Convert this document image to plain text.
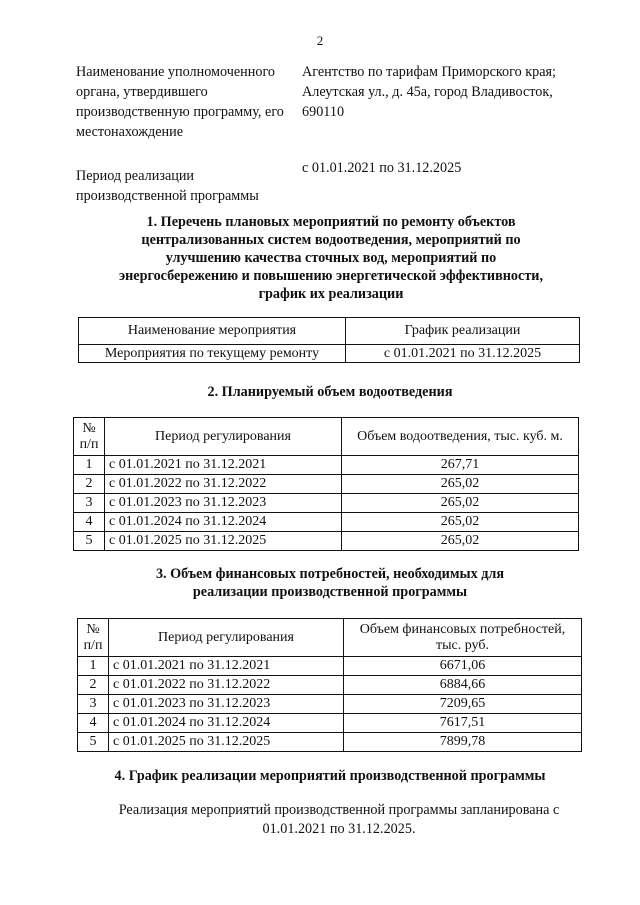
2
Наименование уполномоченного органа, утвердившего производственную программу, его местонахождение
Агентство по тарифам Приморского края; Алеутская ул., д. 45а, город Владивосток, 690110
Период реализации производственной программы
с 01.01.2021 по 31.12.2025
1. Перечень плановых мероприятий по ремонту объектов централизованных систем водоотведения, мероприятий по улучшению качества сточных вод, мероприятий по энергосбережению и повышению энергетической эффективности, график их реализации
Наименование мероприятия	График реализации
Мероприятия по текущему ремонту	с 01.01.2021 по 31.12.2025
2. Планируемый объем водоотведения
№ п/п	Период регулирования	Объем водоотведения, тыс. куб. м.
1	с 01.01.2021 по 31.12.2021	267,71
2	с 01.01.2022 по 31.12.2022	265,02
3	с 01.01.2023 по 31.12.2023	265,02
4	с 01.01.2024 по 31.12.2024	265,02
5	с 01.01.2025 по 31.12.2025	265,02
3. Объем финансовых потребностей, необходимых для реализации производственной программы
№ п/п	Период регулирования	Объем финансовых потребностей, тыс. руб.
1	с 01.01.2021 по 31.12.2021	6671,06
2	с 01.01.2022 по 31.12.2022	6884,66
3	с 01.01.2023 по 31.12.2023	7209,65
4	с 01.01.2024 по 31.12.2024	7617,51
5	с 01.01.2025 по 31.12.2025	7899,78
4. График реализации мероприятий производственной программы
Реализация мероприятий производственной программы запланирована с 01.01.2021 по 31.12.2025.
